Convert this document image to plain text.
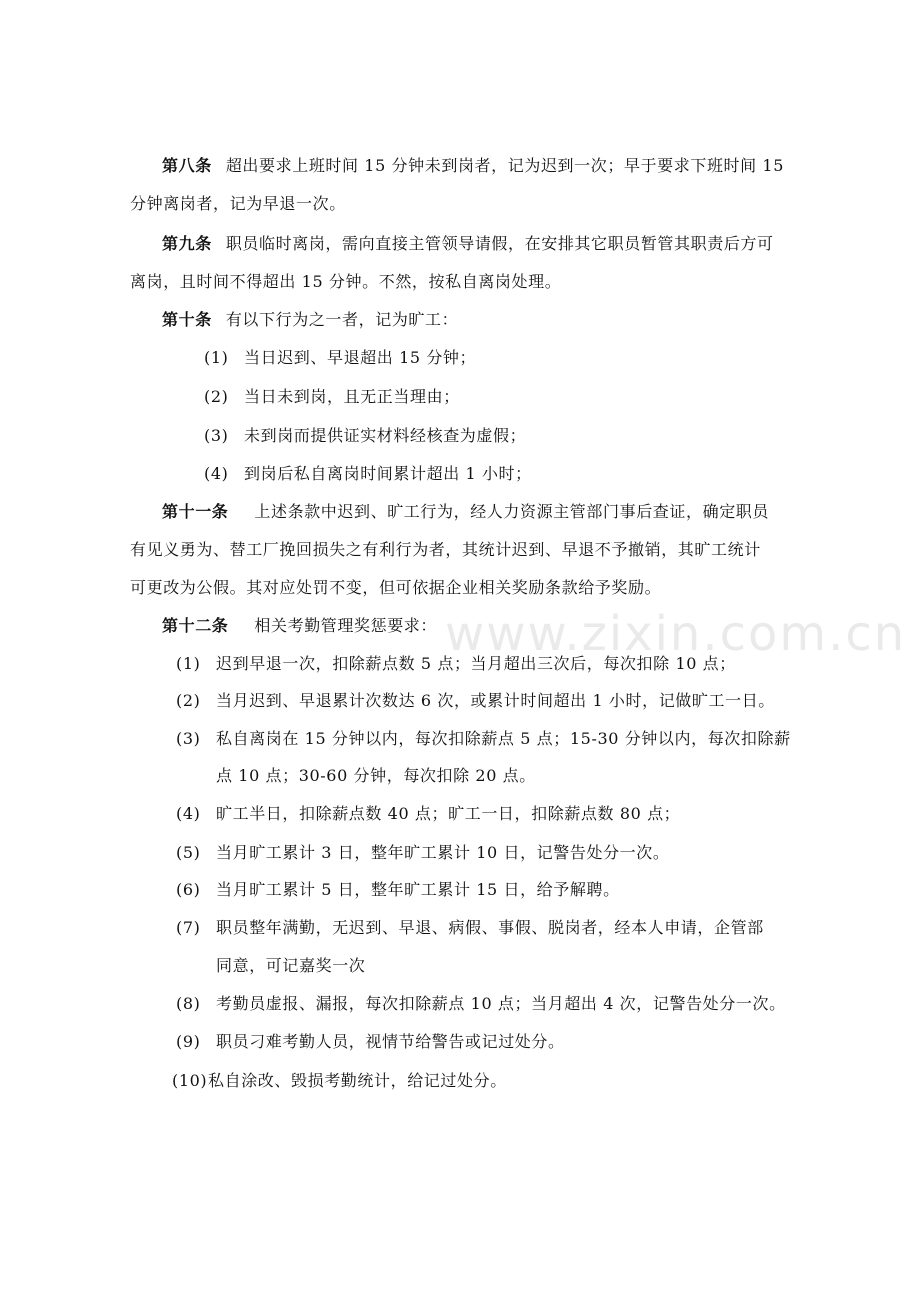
第八条 超出要求上班时间 15 分钟未到岗者，记为迟到一次；早于要求下班时间 15
分钟离岗者，记为早退一次。
第九条 职员临时离岗，需向直接主管领导请假，在安排其它职员暂管其职责后方可
离岗，且时间不得超出 15 分钟。不然，按私自离岗处理。
第十条 有以下行为之一者，记为旷工：
(1) 当日迟到、早退超出 15 分钟；
(2) 当日未到岗，且无正当理由；
(3) 未到岗而提供证实材料经核查为虚假；
(4) 到岗后私自离岗时间累计超出 1 小时；
第十一条 上述条款中迟到、旷工行为，经人力资源主管部门事后查证，确定职员
有见义勇为、替工厂挽回损失之有利行为者，其统计迟到、早退不予撤销，其旷工统计
可更改为公假。其对应处罚不变，但可依据企业相关奖励条款给予奖励。
第十二条 相关考勤管理奖惩要求：
(1) 迟到早退一次，扣除薪点数 5 点；当月超出三次后，每次扣除 10 点；
(2) 当月迟到、早退累计次数达 6 次，或累计时间超出 1 小时，记做旷工一日。
(3) 私自离岗在 15 分钟以内，每次扣除薪点 5 点；15-30 分钟以内，每次扣除薪
点 10 点；30-60 分钟，每次扣除 20 点。
(4) 旷工半日，扣除薪点数 40 点；旷工一日，扣除薪点数 80 点；
(5) 当月旷工累计 3 日，整年旷工累计 10 日，记警告处分一次。
(6) 当月旷工累计 5 日，整年旷工累计 15 日，给予解聘。
(7) 职员整年满勤，无迟到、早退、病假、事假、脱岗者，经本人申请，企管部
同意，可记嘉奖一次
(8) 考勤员虚报、漏报，每次扣除薪点 10 点；当月超出 4 次，记警告处分一次。
(9) 职员刁难考勤人员，视情节给警告或记过处分。
(10)私自涂改、毁损考勤统计，给记过处分。
www.zixin.com.cn
